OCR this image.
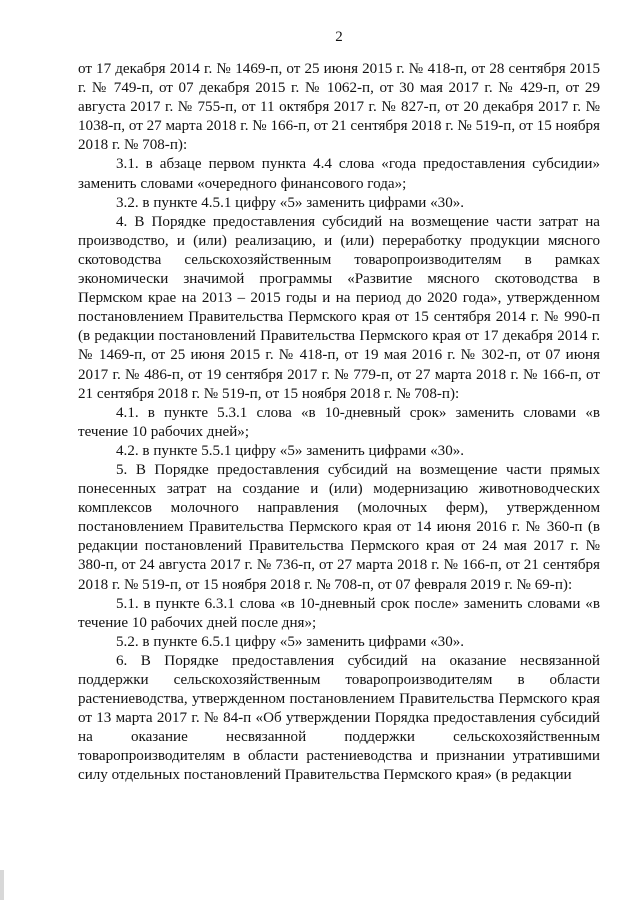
2

от 17 декабря 2014 г. № 1469-п, от 25 июня 2015 г. № 418-п, от 28 сентября 2015 г. № 749-п, от 07 декабря 2015 г. № 1062-п, от 30 мая 2017 г. № 429-п, от 29 августа 2017 г. № 755-п, от 11 октября 2017 г. № 827-п, от 20 декабря 2017 г. № 1038-п, от 27 марта 2018 г. № 166-п, от 21 сентября 2018 г. № 519-п, от 15 ноября 2018 г. № 708-п):

3.1. в абзаце первом пункта 4.4 слова «года предоставления субсидии» заменить словами «очередного финансового года»;

3.2. в пункте 4.5.1 цифру «5» заменить цифрами «30».

4. В Порядке предоставления субсидий на возмещение части затрат на производство, и (или) реализацию, и (или) переработку продукции мясного скотоводства сельскохозяйственным товаропроизводителям в рамках экономически значимой программы «Развитие мясного скотоводства в Пермском крае на 2013 – 2015 годы и на период до 2020 года», утвержденном постановлением Правительства Пермского края от 15 сентября 2014 г. № 990-п (в редакции постановлений Правительства Пермского края от 17 декабря 2014 г. № 1469-п, от 25 июня 2015 г. № 418-п, от 19 мая 2016 г. № 302-п, от 07 июня 2017 г. № 486-п, от 19 сентября 2017 г. № 779-п, от 27 марта 2018 г. № 166-п, от 21 сентября 2018 г. № 519-п, от 15 ноября 2018 г. № 708-п):

4.1. в пункте 5.3.1 слова «в 10-дневный срок» заменить словами «в течение 10 рабочих дней»;

4.2. в пункте 5.5.1 цифру «5» заменить цифрами «30».

5. В Порядке предоставления субсидий на возмещение части прямых понесенных затрат на создание и (или) модернизацию животноводческих комплексов молочного направления (молочных ферм), утвержденном постановлением Правительства Пермского края от 14 июня 2016 г. № 360-п (в редакции постановлений Правительства Пермского края от 24 мая 2017 г. № 380-п, от 24 августа 2017 г. № 736-п, от 27 марта 2018 г. № 166-п, от 21 сентября 2018 г. № 519-п, от 15 ноября 2018 г. № 708-п, от 07 февраля 2019 г. № 69-п):

5.1. в пункте 6.3.1 слова «в 10-дневный срок после» заменить словами «в течение 10 рабочих дней после дня»;

5.2. в пункте 6.5.1 цифру «5» заменить цифрами «30».

6. В Порядке предоставления субсидий на оказание несвязанной поддержки сельскохозяйственным товаропроизводителям в области растениеводства, утвержденном постановлением Правительства Пермского края от 13 марта 2017 г. № 84-п «Об утверждении Порядка предоставления субсидий на оказание несвязанной поддержки сельскохозяйственным товаропроизводителям в области растениеводства и признании утратившими силу отдельных постановлений Правительства Пермского края» (в редакции
